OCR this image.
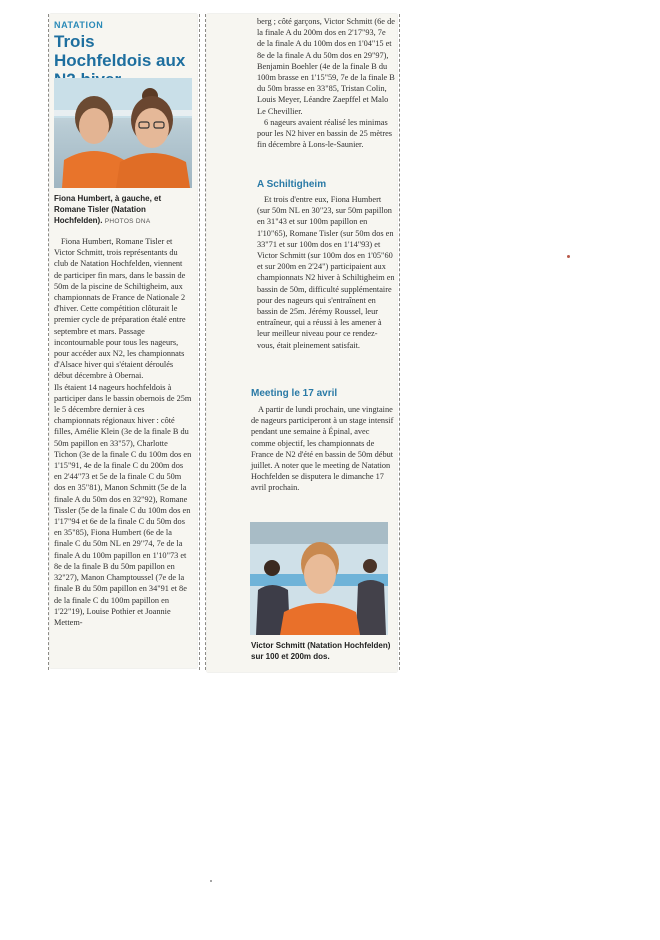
NATATION
Trois Hochfeldois aux
Fiona Humbert, à gauche, et Romane Tisler (Natation Hochfelden). PHOTOS DNA

Fiona Humbert, Romane Tisler et Victor Schmitt, trois représentants du club de Natation Hochfelden, viennent de participer fin mars, dans le bassin de 50m de la piscine de Schiltigheim, aux championnats de France de Nationale 2 d'hiver. Cette compétition clôturait le premier cycle de préparation étalé entre septembre et mars. Passage incontournable pour tous les nageurs, pour accéder aux N2, les championnats d'Alsace hiver qui s'étaient déroulés début décembre à Obernai.

Ils étaient 14 nageurs hochfeldois à participer dans le bassin obernois de 25m le 5 décembre dernier à ces championnats régionaux hiver : côté filles, Amélie Klein (3e de la finale B du 50m papillon en 33"57), Charlotte Tichon (3e de la finale C du 100m dos en 1'15"91, 4e de la finale C du 200m dos en 2'44"73 et 5e de la finale C du 50m dos en 35"81), Manon Schmitt (5e de la finale A du 50m dos en 32"92), Romane Tissler (5e de la finale C du 100m dos en 1'17"94 et 6e de la finale C du 50m dos en 35"85), Fiona Humbert (6e de la finale C du 50m NL en 29"74, 7e de la finale A du 100m papillon en 1'10"73 et 8e de la finale B du 50m papillon en 32"27), Manon Champtoussel (7e de la finale B du 50m papillon en 34"91 et 8e de la finale C du 100m papillon en 1'22"19), Louise Pothier et Joannie Mettem-

berg ; côté garçons, Victor Schmitt (6e de la finale A du 200m dos en 2'17"93, 7e de la finale A du 100m dos en 1'04"15 et 8e de la finale A du 50m dos en 29"97), Benjamin Boehler (4e de la finale B du 100m brasse en 1'15"59, 7e de la finale B du 50m brasse en 33"85, Tristan Colin, Louis Meyer, Léandre Zaepffel et Malo Le Chevillier.

6 nageurs avaient réalisé les minimas pour les N2 hiver en bassin de 25 mètres fin décembre à Lons-le-Saunier.

A Schiltigheim

Et trois d'entre eux, Fiona Humbert (sur 50m NL en 30"23, sur 50m papillon en 31"43 et sur 100m papillon en 1'10"65), Romane Tisler (sur 50m dos en 33"71 et sur 100m dos en 1'14"93) et Victor Schmitt (sur 100m dos en 1'05"60 et sur 200m en 2'24") participaient aux championnats N2 hiver à Schiltigheim en bassin de 50m, difficulté supplémentaire pour des nageurs qui s'entraînent en bassin de 25m. Jérémy Roussel, leur entraîneur, qui a réussi à les amener à leur meilleur niveau pour ce rendez-vous, était pleinement satisfait.

Meeting le 17 avril

A partir de lundi prochain, une vingtaine de nageurs participeront à un stage intensif pendant une semaine à Épinal, avec comme objectif, les championnats de France de N2 d'été en bassin de 50m début juillet. A noter que le meeting de Natation Hochfelden se disputera le dimanche 17 avril prochain.

Victor Schmitt (Natation Hochfelden) sur 100 et 200m dos.
